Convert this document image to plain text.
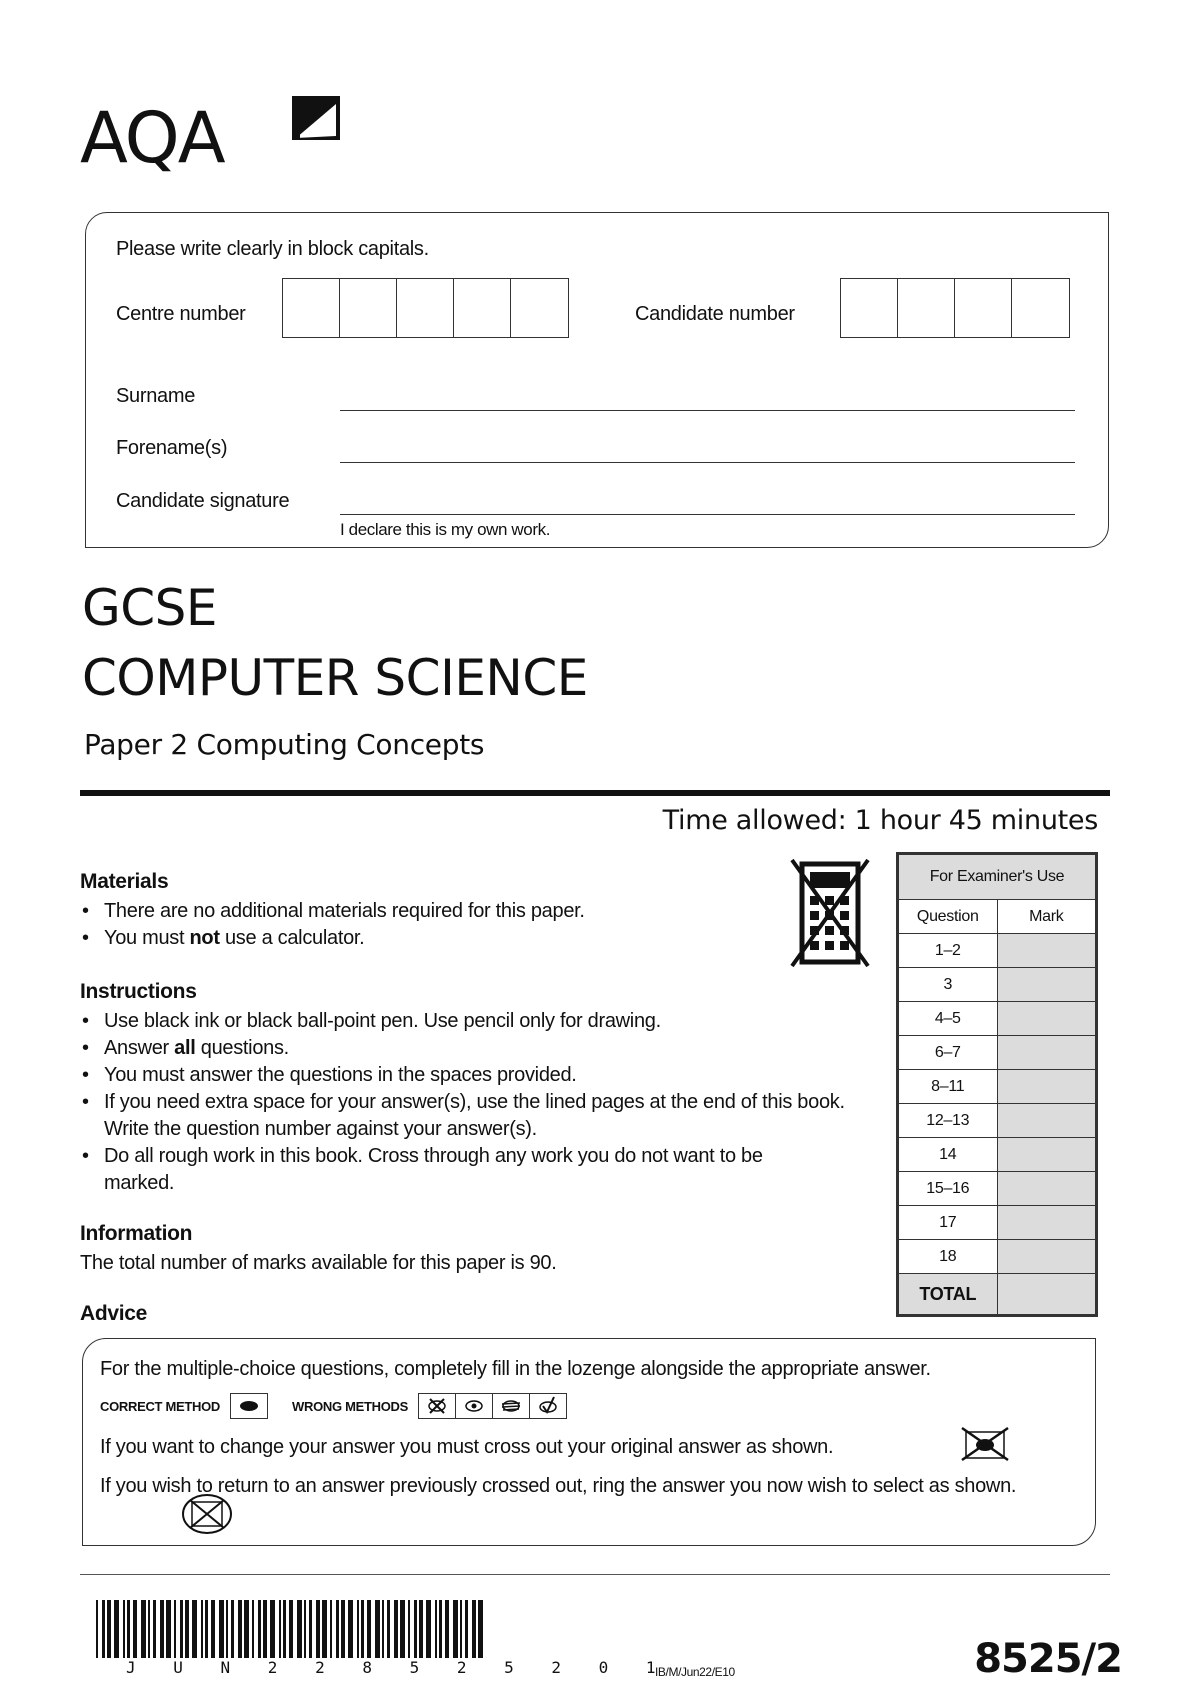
AQA
Please write clearly in block capitals.
Centre number	Candidate number
Surname
Forename(s)
Candidate signature
I declare this is my own work.
GCSE
COMPUTER SCIENCE
Paper 2 Computing Concepts
Time allowed: 1 hour 45 minutes
Materials
• There are no additional materials required for this paper.
• You must not use a calculator.
Instructions
• Use black ink or black ball-point pen. Use pencil only for drawing.
• Answer all questions.
• You must answer the questions in the spaces provided.
• If you need extra space for your answer(s), use the lined pages at the end of this book. Write the question number against your answer(s).
• Do all rough work in this book. Cross through any work you do not want to be marked.
Information
The total number of marks available for this paper is 90.
Advice
For Examiner's Use	
Question	Mark
1–2	
3	
4–5	
6–7	
8–11	
12–13	
14	
15–16	
17	
18	
TOTAL	
For the multiple-choice questions, completely fill in the lozenge alongside the appropriate answer.
CORRECT METHOD	WRONG METHODS
If you want to change your answer you must cross out your original answer as shown.
If you wish to return to an answer previously crossed out, ring the answer you now wish to select as shown.
J U N 2 2 8 5 2 5 2 0 1
IB/M/Jun22/E10	8525/2
